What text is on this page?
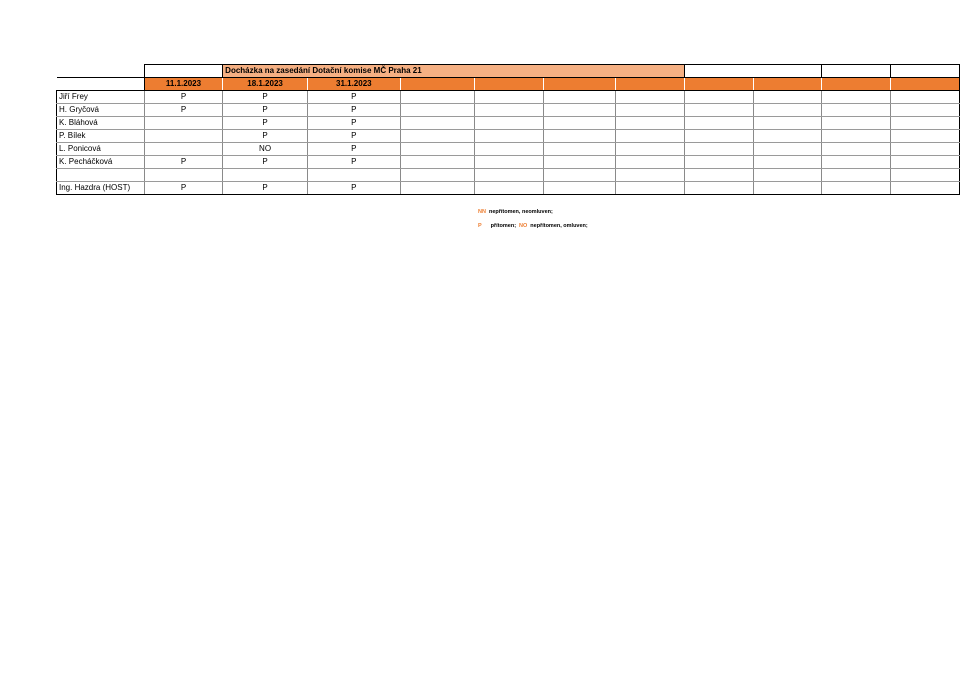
		Docházka na zasedání Dotační komise MČ Praha 21									
	11.1.2023	18.1.2023	31.1.2023								
Jiří Frey	P	P	P								
H. Gryčová	P	P	P								
K. Bláhová		P	P								
P. Bílek		P	P								
L. Ponicová		NO	P								
K. Pecháčková	P	P	P								

Ing. Hazdra (HOST)	P	P	P								
NN nepřítomen, neomluven;
P přítomen; NO nepřítomen, omluven;
